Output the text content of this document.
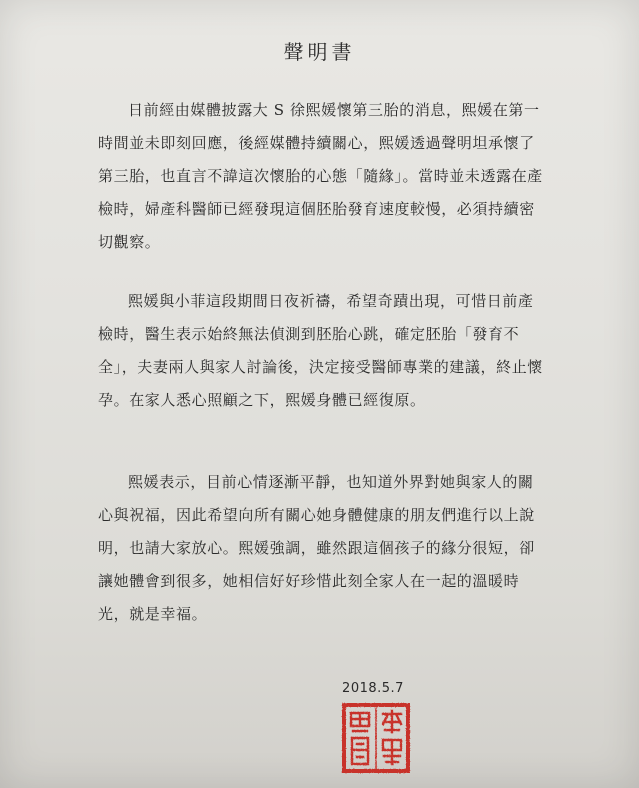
聲明書

日前經由媒體披露大 S 徐熙媛懷第三胎的消息，熙媛在第一時間並未即刻回應，後經媒體持續關心，熙媛透過聲明坦承懷了第三胎，也直言不諱這次懷胎的心態「隨緣」。當時並未透露在產檢時，婦產科醫師已經發現這個胚胎發育速度較慢，必須持續密切觀察。

熙媛與小菲這段期間日夜祈禱，希望奇蹟出現，可惜日前產檢時，醫生表示始終無法偵測到胚胎心跳，確定胚胎「發育不全」，夫妻兩人與家人討論後，決定接受醫師專業的建議，終止懷孕。在家人悉心照顧之下，熙媛身體已經復原。

熙媛表示，目前心情逐漸平靜，也知道外界對她與家人的關心與祝福，因此希望向所有關心她身體健康的朋友們進行以上說明，也請大家放心。熙媛強調，雖然跟這個孩子的緣分很短，卻讓她體會到很多，她相信好好珍惜此刻全家人在一起的溫暖時光，就是幸福。

2018.5.7
